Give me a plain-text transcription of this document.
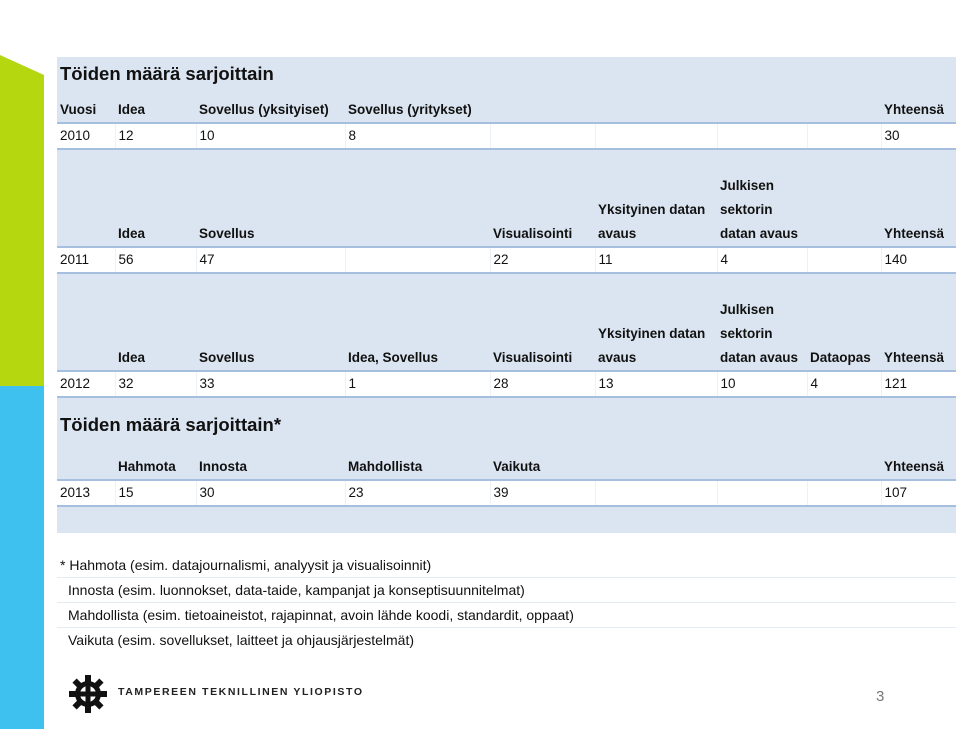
Töiden määrä sarjoittain								
Vuosi	Idea	Sovellus (yksityiset)	Sovellus (yritykset)					Yhteensä
2010	12	10	8					30
	Idea	Sovellus		Visualisointi	Yksityinen datan avaus	Julkisen sektorin datan avaus		Yhteensä
2011	56	47		22	11	4		140
	Idea	Sovellus	Idea, Sovellus	Visualisointi	Yksityinen datan avaus	Julkisen sektorin datan avaus	Dataopas	Yhteensä
2012	32	33	1	28	13	10	4	121
Töiden määrä sarjoittain*								
	Hahmota	Innosta	Mahdollista	Vaikuta				Yhteensä
2013	15	30	23	39				107

* Hahmota (esim. datajournalismi, analyysit ja visualisoinnit)
Innosta (esim. luonnokset, data-taide, kampanjat ja konseptisuunnitelmat)
Mahdollista (esim. tietoaineistot, rajapinnat, avoin lähde koodi, standardit, oppaat)
Vaikuta (esim. sovellukset, laitteet ja ohjausjärjestelmät)
TAMPEREEN TEKNILLINEN YLIOPISTO	3
